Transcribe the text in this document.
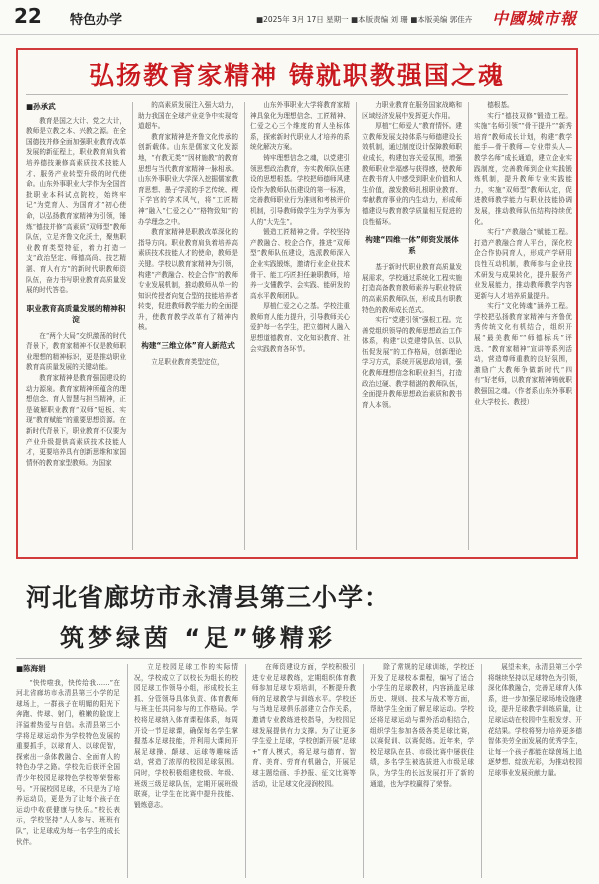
22 特色办学	■2025年 3月 17日 星期一 ■本版责编 刘 珊 ■本版美编 郭佳卉 中國城市報
弘扬教育家精神 铸就职教强国之魂
■孙承武

教育是国之大计、党之大计，教师是立教之本、兴教之源。在全国德技并修全面加强职业教育改革发展的新征程上，职业教育肩负着培养德技兼修高素质技术技能人才、服务产业转型升级的时代使命。山东外事职业大学作为全国首批职业本科试点院校，始终牢记“为党育人、为国育才”初心使命，以弘扬教育家精神为引领，锤炼“德技并修”高素质“双师型”教师队伍，立足齐鲁文化沃土，聚焦职业教育类型特征，着力打造一支“政治坚定、师德高尚、技艺精湛、育人有方”的新时代职教师资队伍，奋力书写职业教育高质量发展的时代答卷。

职业教育高质量发展的精神积淀

在“两个大局”交织激荡的时代背景下，教育家精神不仅是教师职业理想的精神标识，更是推动职业教育高质量发展的关键动能。

教育家精神是教育强国建设的动力源泉。教育家精神所蕴含的理想信念、育人智慧与担当精神，正是破解职业教育“双师”短板、实现“教育赋能”的重要思想资源。在新时代背景下，职业教育不仅要为产业升级提供高素质技术技能人才，更要培养具有创新思维和家国情怀的教育家型教师。为国家

的高素质发展注入强大动力，助力我国在全球产业竞争中实现弯道超车。

教育家精神是齐鲁文化传承的创新载体。山东是儒家文化发源地，“有教无类”“因材施教”的教育思想与当代教育家精神一脉相承。山东外事职业大学深入挖掘儒家教育思想、墨子学派的手艺传统、稷下学宫的学术风气，将“工匠精神”融入“仁爱之心”“格物致知”的办学理念之中。

教育家精神是职教改革深化的指导方向。职业教育肩负着培养高素质技术技能人才的使命，教师是关键。学校以教育家精神为引领，构建“产教融合、校企合作”的教师专业发展机制，推动教师从单一的知识传授者向复合型的技能培养者转变，促进教师教学能力的全面提升，使教育教学改革有了精神内核。

构建“三维立体”育人新范式

立足职业教育类型定位，

山东外事职业大学将教育家精神具象化为理想信念、工匠精神、仁爱之心三个维度的育人坐标体系，探索新时代职业人才培养的系统化解决方案。

铸牢理想信念之魂，以党建引领思想政治教育，夯实教师队伍建设的思想根基。学校把师德师风建设作为教师队伍建设的第一标准，完善教师职业行为准则和考核评价机制，引导教师做学生为学为事为人的“大先生”。

锻造工匠精神之骨。学校坚持产教融合、校企合作，推进“双师型”教师队伍建设，选派教师深入企业实践锻炼，邀请行业企业技术骨干、能工巧匠担任兼职教师，培养一支懂教学、会实践、能研发的高水平教师团队。

厚植仁爱之心之基。学校注重教师育人能力提升，引导教师关心爱护每一名学生，把立德树人融入思想道德教育、文化知识教育、社会实践教育各环节。

力职业教育在服务国家战略和区域经济发展中发挥更大作用。

厚植“仁师爱人”教育情怀。建立教师发展支持体系与师德建设长效机制，通过制度设计保障教师职业成长，构建包容关爱氛围，增强教师职业幸福感与获得感，使教师在教书育人中感受到职业价值和人生价值，激发教师扎根职业教育、奉献教育事业的内生动力，形成师德建设与教育教学质量相互促进的良性循环。

构建“四维一体”师资发展体系

基于新时代职业教育高质量发展需求，学校通过系统化工程实施打造高备教育教师素养与职业特质的高素质教师队伍，形成具有职教特色的教师成长范式。

实行“党建引领”强根工程。完善党组织领导的教师思想政治工作体系，构建“以党建带队伍、以队伍促发展”的工作格局，创新理论学习方式，系统开展思政培训，强化教师理想信念和职业担当，打造政治过硬、教学精湛的教师队伍，全面提升教师思想政治素质和教书育人本领。

德根基。

实行“德技双修”锻造工程。实施“名师引领”“骨干提升”“新秀培育”教师成长计划，构建“教学能手—骨干教师—专业带头人—教学名师”成长通道，建立企业实践制度，完善教师到企业实践锻炼机制，提升教师专业实践能力，实施“双师型”教师认定，促进教师教学能力与职业技能协调发展，推动教师队伍结构持续优化。

实行“产教融合”赋能工程。打造产教融合育人平台，深化校企合作协同育人，形成产学研用良性互动机制，教师参与企业技术研发与成果转化，提升服务产业发展能力，推动教师教学内容更新与人才培养质量提升。

实行“文化铸魂”涵养工程。学校把弘扬教育家精神与齐鲁优秀传统文化有机结合，组织开展“最美教师”“师德标兵”评选、“教育家精神”宣讲等系列活动，营造尊师重教的良好氛围，激励广大教师争做新时代“四有”好老师，以教育家精神铸就职教强国之魂。（作者系山东外事职业大学校长、教授）

河北省廊坊市永清县第三小学：
筑梦绿茵 “足”够精彩
■陈海娟

“快传啦我，快传给我……”在河北省廊坊市永清县第三小学的足球场上，一群孩子在明媚的阳光下奔跑、传球、射门，稚嫩的脸庞上洋溢着热爱与自信。永清县第三小学将足球运动作为学校特色发展的重要抓手，以球育人、以球促智，探索出一条体教融合、全面育人的特色办学之路。学校先后获评全国青少年校园足球特色学校等荣誉称号。“开展校园足球，不只是为了培养运动员，更是为了让每个孩子在运动中收获健康与快乐。”校长表示，学校坚持“人人参与、班班有队”，让足球成为每一名学生的成长伙伴。

立足校园足球工作的实际情况，学校成立了以校长为组长的校园足球工作领导小组，形成校长主抓、分管领导具体负责、体育教师与班主任共同参与的工作格局。学校将足球纳入体育课程体系，每周开设一节足球课，确保每名学生掌握基本足球技能，并利用大课间开展足球操、颠球、运球等趣味活动，营造了浓厚的校园足球氛围。同时，学校积极组建校级、年级、班级三级足球队伍，定期开展班级联赛，让学生在比赛中提升技能、锻炼意志。

在师资建设方面，学校积极引进专业足球教练，定期组织体育教师参加足球专项培训，不断提升教师的足球教学与训练水平。学校还与当地足球俱乐部建立合作关系，邀请专业教练进校指导，为校园足球发展提供有力支撑。为了让更多学生爱上足球，学校创新开展“足球+”育人模式，将足球与德育、智育、美育、劳育有机融合，开展足球主题绘画、手抄报、征文比赛等活动，让足球文化浸润校园。

除了常规的足球训练，学校还开发了足球校本课程，编写了适合小学生的足球教材，内容涵盖足球历史、规则、技术与战术等方面，帮助学生全面了解足球运动。学校还将足球运动与课外活动相结合，组织学生参加各级各类足球比赛，以赛促训、以赛促练。近年来，学校足球队在县、市级比赛中屡获佳绩，多名学生被选拔进入市级足球队，为学生的长远发展打开了新的通道，也为学校赢得了荣誉。

展望未来，永清县第三小学将继续坚持以足球特色为引领，深化体教融合，完善足球育人体系，进一步加强足球场地设施建设，提升足球教学训练质量，让足球运动在校园中生根发芽、开花结果。学校将努力培养更多德智体美劳全面发展的优秀学生，让每一个孩子都能在绿茵场上追逐梦想、绽放光彩，为推动校园足球事业发展贡献力量。
